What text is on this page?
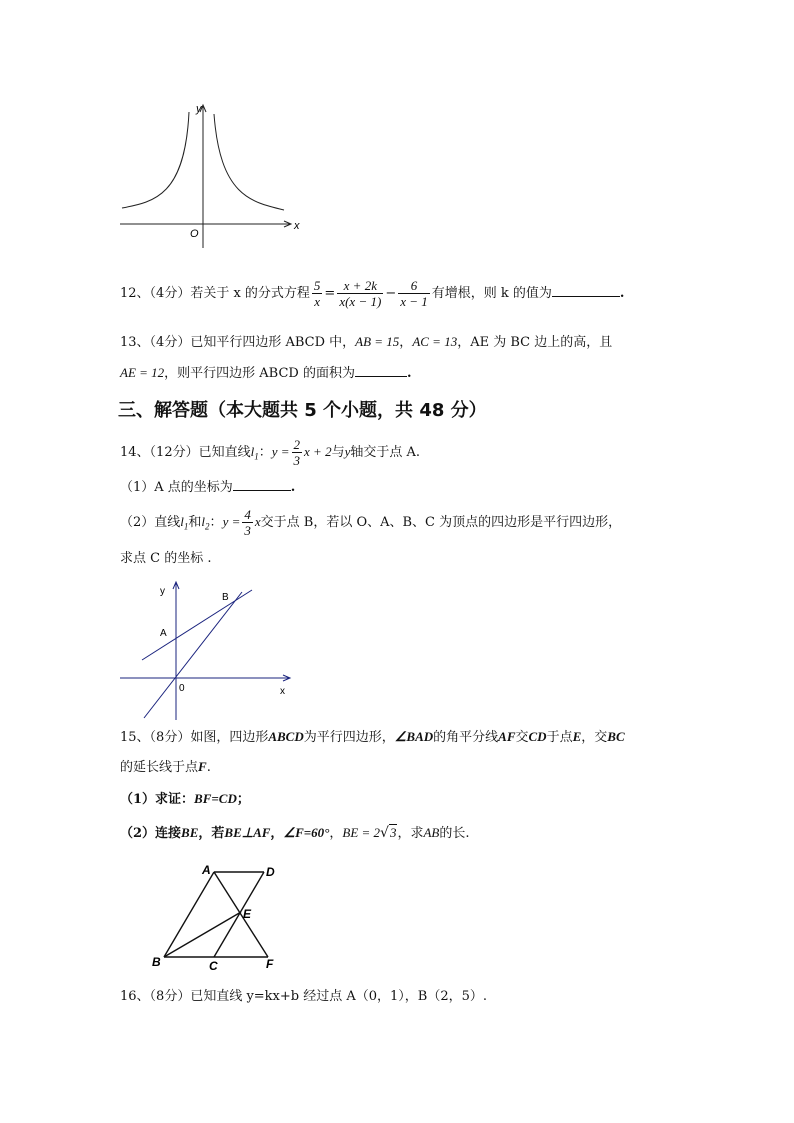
y
x
O
12、（4分）若关于 x 的分式方程 $\frac{5}{x} = \frac{x + 2k}{x(x - 1)} - \frac{6}{x - 1}$ 有增根，则 k 的值为	.
13、（4分）已知平行四边形 ABCD 中，AB = 15，AC = 13，AE 为 BC 边上的高，且
AE = 12，则平行四边形 ABCD 的面积为	.
三、解答题（本大题共 5 个小题，共 48 分）
14、（12分）已知直线$l_1$：$y = \frac{2}{3}$ x + 2与y轴交于点 A.
（1）A 点的坐标为	.
（2）直线$l_1$和$l_2$：$y = \frac{4}{3}$ x交于点 B，若以 O、A、B、C 为顶点的四边形是平行四边形，
求点 C 的坐标 .
y
x
0
A
B
15、（8分）如图，四边形ABCD为平行四边形，∠BAD的角平分线AF交CD于点E，交BC
的延长线于点F.
（1）求证：BF=CD；
（2）连接BE，若BE⊥AF，∠F=60°，BE = 2√3，求AB的长.
A	D
E
B	C	F
16、（8分）已知直线 y=kx+b 经过点 A（0，1），B（2，5）.
